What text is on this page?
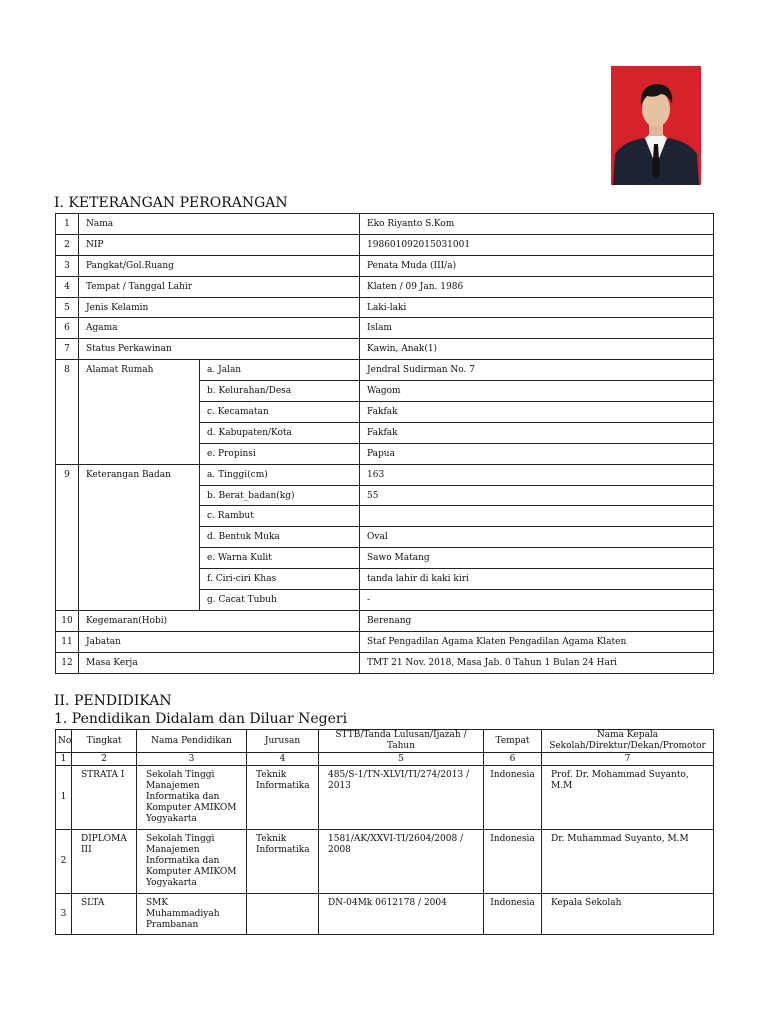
I. KETERANGAN PERORANGAN
1	Nama		Eko Riyanto S.Kom
2	NIP		198601092015031001
3	Pangkat/Gol.Ruang		Penata Muda (III/a)
4	Tempat / Tanggal Lahir		Klaten / 09 Jan. 1986
5	Jenis Kelamin		Laki-laki
6	Agama		Islam
7	Status Perkawinan		Kawin, Anak(1)
8	Alamat Rumah	a. Jalan	Jendral Sudirman No. 7
		b. Kelurahan/Desa	Wagom
		c. Kecamatan	Fakfak
		d. Kabupaten/Kota	Fakfak
		e. Propinsi	Papua
9	Keterangan Badan	a. Tinggi(cm)	163
		b. Berat_badan(kg)	55
		c. Rambut	
		d. Bentuk Muka	Oval
		e. Warna Kulit	Sawo Matang
		f. Ciri-ciri Khas	tanda lahir di kaki kiri
		g. Cacat Tubuh	-
10	Kegemaran(Hobi)		Berenang
11	Jabatan		Staf Pengadilan Agama Klaten Pengadilan Agama Klaten
12	Masa Kerja		TMT 21 Nov. 2018, Masa Jab. 0 Tahun 1 Bulan 24 Hari
II. PENDIDIKAN
1. Pendidikan Didalam dan Diluar Negeri
No	Tingkat	Nama Pendidikan	Jurusan	STTB/Tanda Lulusan/Ijazah / Tahun	Tempat	Nama Kepala Sekolah/Direktur/Dekan/Promotor
1	2	3	4	5	6	7
1	STRATA I	Sekolah Tinggi Manajemen Informatika dan Komputer AMIKOM Yogyakarta	Teknik Informatika	485/S-1/TN-XLVI/TI/274/2013 / 2013	Indonesia	Prof. Dr. Mohammad Suyanto, M.M
2	DIPLOMA III	Sekolah Tinggi Manajemen Informatika dan Komputer AMIKOM Yogyakarta	Teknik Informatika	1581/AK/XXVI-TI/2604/2008 / 2008	Indonesia	Dr. Muhammad Suyanto, M.M
3	SLTA	SMK Muhammadiyah Prambanan		DN-04Mk 0612178 / 2004	Indonesia	Kepala Sekolah
